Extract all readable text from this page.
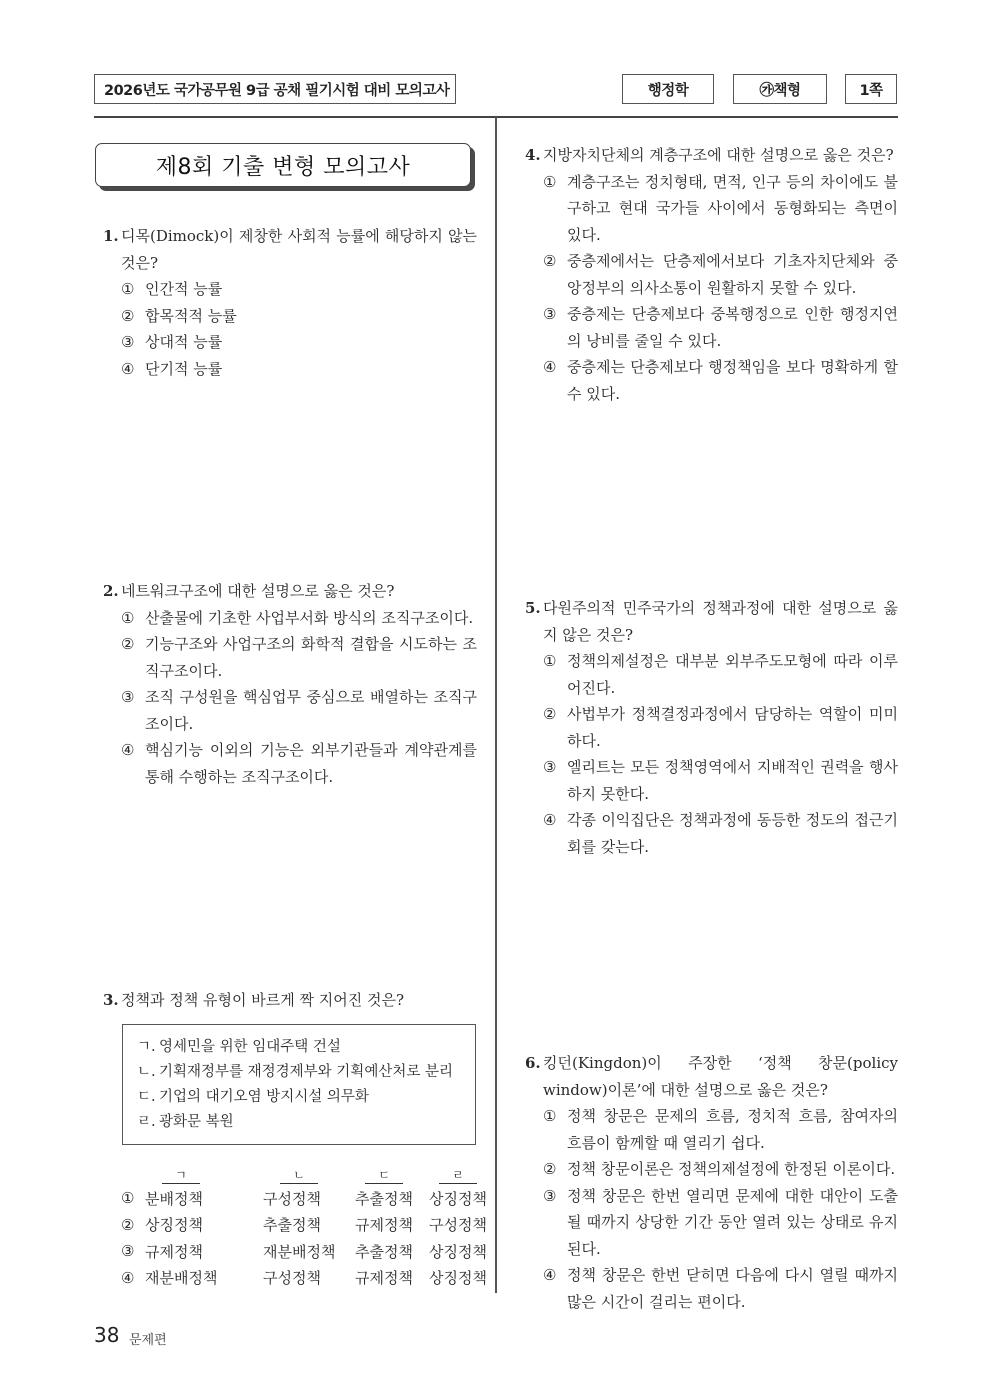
2026년도 국가공무원 9급 공채 필기시험 대비 모의고사	행정학	㉮책형	1쪽
제8회 기출 변형 모의고사
1. 디목(Dimock)이 제창한 사회적 능률에 해당하지 않는 것은?
① 인간적 능률
② 합목적적 능률
③ 상대적 능률
④ 단기적 능률
2. 네트워크구조에 대한 설명으로 옳은 것은?
① 산출물에 기초한 사업부서화 방식의 조직구조이다.
② 기능구조와 사업구조의 화학적 결합을 시도하는 조직구조이다.
③ 조직 구성원을 핵심업무 중심으로 배열하는 조직구조이다.
④ 핵심기능 이외의 기능은 외부기관들과 계약관계를 통해 수행하는 조직구조이다.
3. 정책과 정책 유형이 바르게 짝 지어진 것은?
ㄱ. 영세민을 위한 임대주택 건설
ㄴ. 기획재정부를 재정경제부와 기획예산처로 분리
ㄷ. 기업의 대기오염 방지시설 의무화
ㄹ. 광화문 복원
ㄱ	ㄴ	ㄷ	ㄹ
① 분배정책	구성정책	추출정책	상징정책
② 상징정책	추출정책	규제정책	구성정책
③ 규제정책	재분배정책	추출정책	상징정책
④ 재분배정책	구성정책	규제정책	상징정책
4. 지방자치단체의 계층구조에 대한 설명으로 옳은 것은?
① 계층구조는 정치형태, 면적, 인구 등의 차이에도 불구하고 현대 국가들 사이에서 동형화되는 측면이 있다.
② 중층제에서는 단층제에서보다 기초자치단체와 중앙정부의 의사소통이 원활하지 못할 수 있다.
③ 중층제는 단층제보다 중복행정으로 인한 행정지연의 낭비를 줄일 수 있다.
④ 중층제는 단층제보다 행정책임을 보다 명확하게 할 수 있다.
5. 다원주의적 민주국가의 정책과정에 대한 설명으로 옳지 않은 것은?
① 정책의제설정은 대부분 외부주도모형에 따라 이루어진다.
② 사법부가 정책결정과정에서 담당하는 역할이 미미하다.
③ 엘리트는 모든 정책영역에서 지배적인 권력을 행사하지 못한다.
④ 각종 이익집단은 정책과정에 동등한 정도의 접근기회를 갖는다.
6. 킹던(Kingdon)이 주장한 ‘정책 창문(policy window)이론’에 대한 설명으로 옳은 것은?
① 정책 창문은 문제의 흐름, 정치적 흐름, 참여자의 흐름이 함께할 때 열리기 쉽다.
② 정책 창문이론은 정책의제설정에 한정된 이론이다.
③ 정책 창문은 한번 열리면 문제에 대한 대안이 도출될 때까지 상당한 기간 동안 열려 있는 상태로 유지된다.
④ 정책 창문은 한번 닫히면 다음에 다시 열릴 때까지 많은 시간이 걸리는 편이다.
38 문제편
